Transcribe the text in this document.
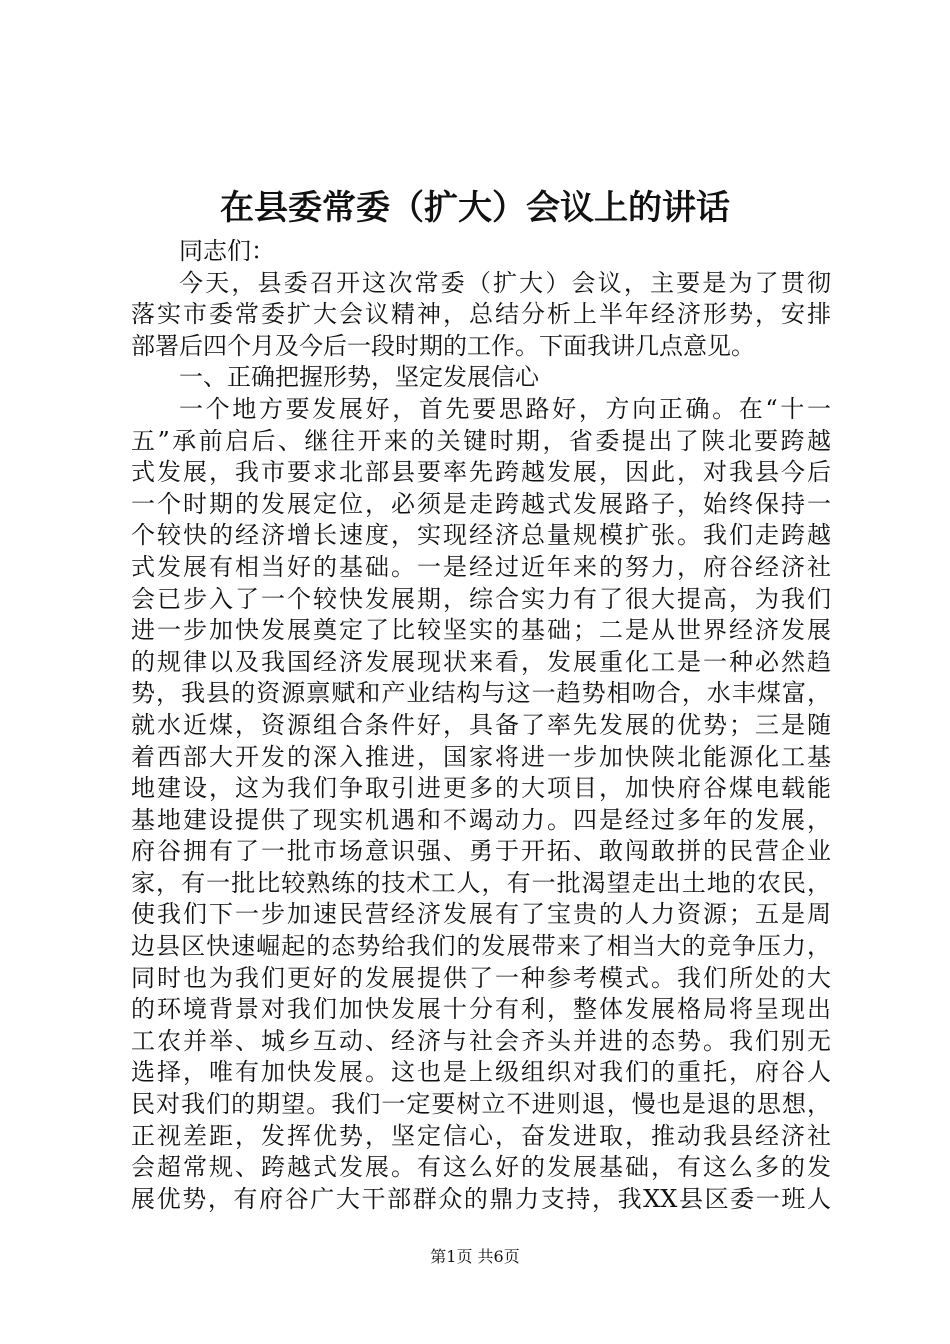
在县委常委（扩大）会议上的讲话
同志们：
今天，县委召开这次常委（扩大）会议，主要是为了贯彻
落实市委常委扩大会议精神，总结分析上半年经济形势，安排
部署后四个月及今后一段时期的工作。下面我讲几点意见。
一、正确把握形势，坚定发展信心
一个地方要发展好，首先要思路好，方向正确。在“十一
五”承前启后、继往开来的关键时期，省委提出了陕北要跨越
式发展，我市要求北部县要率先跨越发展，因此，对我县今后
一个时期的发展定位，必须是走跨越式发展路子，始终保持一
个较快的经济增长速度，实现经济总量规模扩张。我们走跨越
式发展有相当好的基础。一是经过近年来的努力，府谷经济社
会已步入了一个较快发展期，综合实力有了很大提高，为我们
进一步加快发展奠定了比较坚实的基础；二是从世界经济发展
的规律以及我国经济发展现状来看，发展重化工是一种必然趋
势，我县的资源禀赋和产业结构与这一趋势相吻合，水丰煤富，
就水近煤，资源组合条件好，具备了率先发展的优势；三是随
着西部大开发的深入推进，国家将进一步加快陕北能源化工基
地建设，这为我们争取引进更多的大项目，加快府谷煤电载能
基地建设提供了现实机遇和不竭动力。四是经过多年的发展，
府谷拥有了一批市场意识强、勇于开拓、敢闯敢拼的民营企业
家，有一批比较熟练的技术工人，有一批渴望走出土地的农民，
使我们下一步加速民营经济发展有了宝贵的人力资源；五是周
边县区快速崛起的态势给我们的发展带来了相当大的竞争压力，
同时也为我们更好的发展提供了一种参考模式。我们所处的大
的环境背景对我们加快发展十分有利，整体发展格局将呈现出
工农并举、城乡互动、经济与社会齐头并进的态势。我们别无
选择，唯有加快发展。这也是上级组织对我们的重托，府谷人
民对我们的期望。我们一定要树立不进则退，慢也是退的思想，
正视差距，发挥优势，坚定信心，奋发进取，推动我县经济社
会超常规、跨越式发展。有这么好的发展基础，有这么多的发
展优势，有府谷广大干部群众的鼎力支持，我XX县区委一班人
第1页 共6页
